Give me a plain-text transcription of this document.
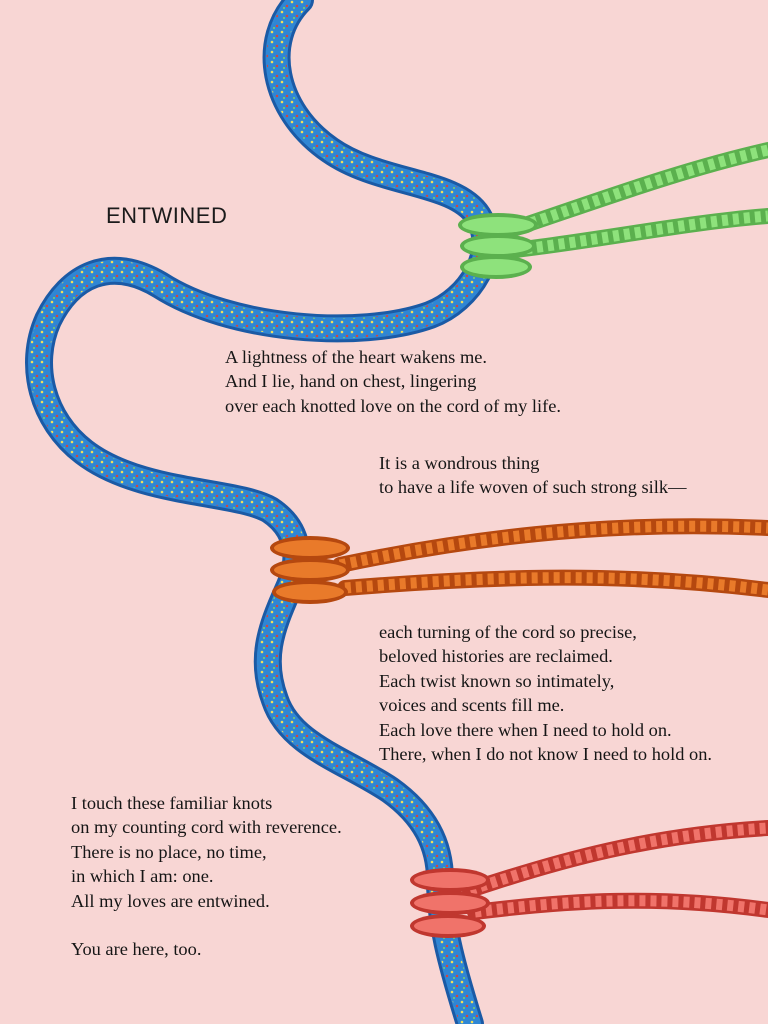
ENTWINED
A lightness of the heart wakens me.
And I lie, hand on chest, lingering
over each knotted love on the cord of my life.
It is a wondrous thing
to have a life woven of such strong silk—
each turning of the cord so precise,
beloved histories are reclaimed.
Each twist known so intimately,
voices and scents fill me.
Each love there when I need to hold on.
There, when I do not know I need to hold on.
I touch these familiar knots
on my counting cord with reverence.
There is no place, no time,
in which I am: one.
All my loves are entwined.
You are here, too.
